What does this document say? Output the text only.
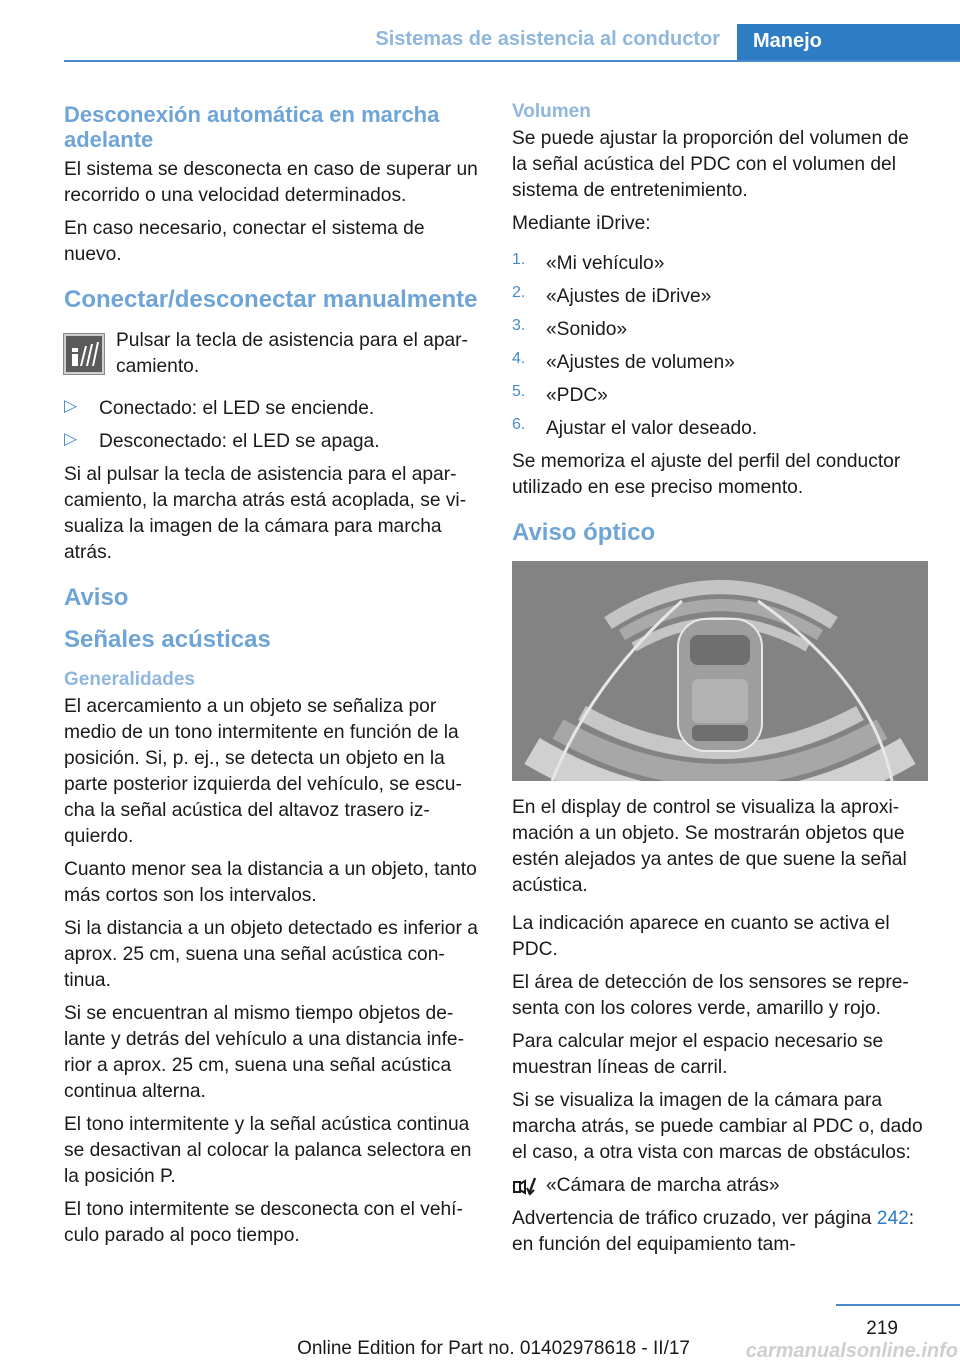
Sistemas de asistencia al conductor	Manejo
Desconexión automática en marcha adelante

El sistema se desconecta en caso de superar un recorrido o una velocidad determinados.

En caso necesario, conectar el sistema de nuevo.

Conectar/desconectar manualmente

Pulsar la tecla de asistencia para el aparcamiento.

▷ Conectado: el LED se enciende.

▷ Desconectado: el LED se apaga.

Si al pulsar la tecla de asistencia para el aparcamiento, la marcha atrás está acoplada, se visualiza la imagen de la cámara para marcha atrás.

Aviso
Señales acústicas
Generalidades

El acercamiento a un objeto se señaliza por medio de un tono intermitente en función de la posición. Si, p. ej., se detecta un objeto en la parte posterior izquierda del vehículo, se escucha la señal acústica del altavoz trasero izquierdo.

Cuanto menor sea la distancia a un objeto, tanto más cortos son los intervalos.

Si la distancia a un objeto detectado es inferior a aprox. 25 cm, suena una señal acústica continua.

Si se encuentran al mismo tiempo objetos delante y detrás del vehículo a una distancia inferior a aprox. 25 cm, suena una señal acústica continua alterna.

El tono intermitente y la señal acústica continua se desactivan al colocar la palanca selectora en la posición P.

El tono intermitente se desconecta con el vehículo parado al poco tiempo.

Volumen

Se puede ajustar la proporción del volumen de la señal acústica del PDC con el volumen del sistema de entretenimiento.

Mediante iDrive:

1. «Mi vehículo»

2. «Ajustes de iDrive»

3. «Sonido»

4. «Ajustes de volumen»

5. «PDC»

6. Ajustar el valor deseado.

Se memoriza el ajuste del perfil del conductor utilizado en ese preciso momento.

Aviso óptico

En el display de control se visualiza la aproximación a un objeto. Se mostrarán objetos que estén alejados ya antes de que suene la señal acústica.

La indicación aparece en cuanto se activa el PDC.

El área de detección de los sensores se representa con los colores verde, amarillo y rojo.

Para calcular mejor el espacio necesario se muestran líneas de carril.

Si se visualiza la imagen de la cámara para marcha atrás, se puede cambiar al PDC o, dado el caso, a otra vista con marcas de obstáculos:

«Cámara de marcha atrás»

Advertencia de tráfico cruzado, ver página 242: en función del equipamiento tam-

219
Online Edition for Part no. 01402978618 - II/17	carmanualsonline.info
